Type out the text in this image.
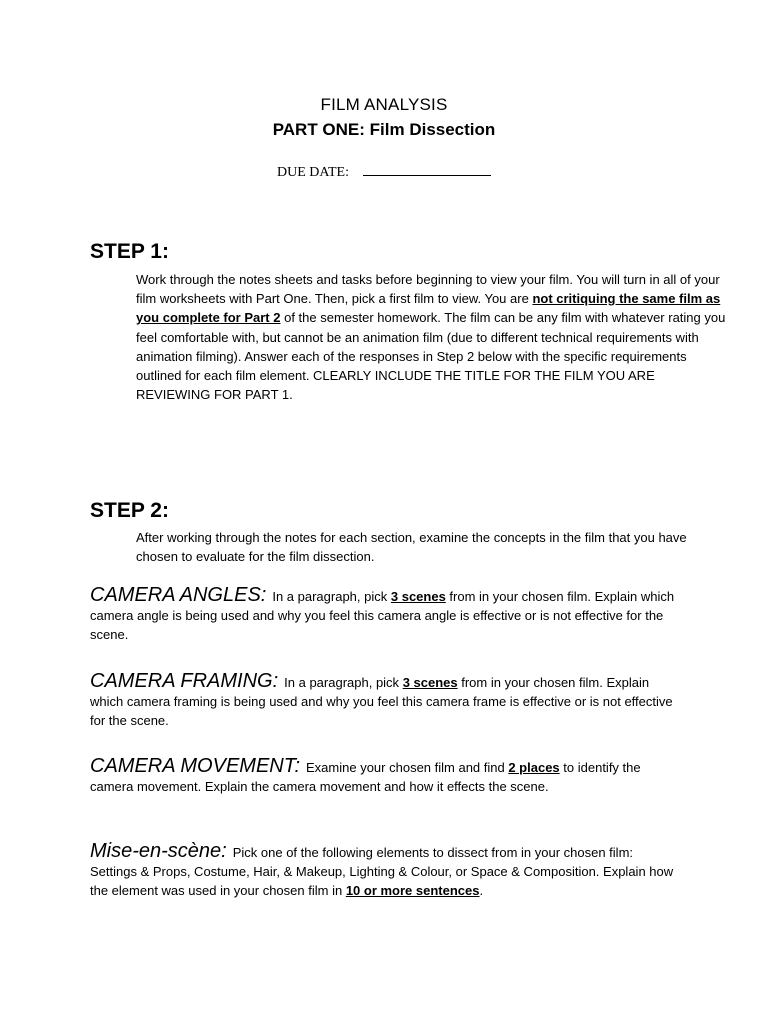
FILM ANALYSIS
PART ONE: Film Dissection
DUE DATE:
STEP 1:

Work through the notes sheets and tasks before beginning to view your film. You will turn in all of your film worksheets with Part One. Then, pick a first film to view. You are not critiquing the same film as you complete for Part 2 of the semester homework. The film can be any film with whatever rating you feel comfortable with, but cannot be an animation film (due to different technical requirements with animation filming). Answer each of the responses in Step 2 below with the specific requirements outlined for each film element. CLEARLY INCLUDE THE TITLE FOR THE FILM YOU ARE REVIEWING FOR PART 1.

STEP 2:

After working through the notes for each section, examine the concepts in the film that you have chosen to evaluate for the film dissection.

CAMERA ANGLES: In a paragraph, pick 3 scenes from in your chosen film. Explain which camera angle is being used and why you feel this camera angle is effective or is not effective for the scene.

CAMERA FRAMING: In a paragraph, pick 3 scenes from in your chosen film. Explain which camera framing is being used and why you feel this camera frame is effective or is not effective for the scene.

CAMERA MOVEMENT: Examine your chosen film and find 2 places to identify the camera movement. Explain the camera movement and how it effects the scene.

Mise-en-scène: Pick one of the following elements to dissect from in your chosen film: Settings & Props, Costume, Hair, & Makeup, Lighting & Colour, or Space & Composition. Explain how the element was used in your chosen film in 10 or more sentences.
